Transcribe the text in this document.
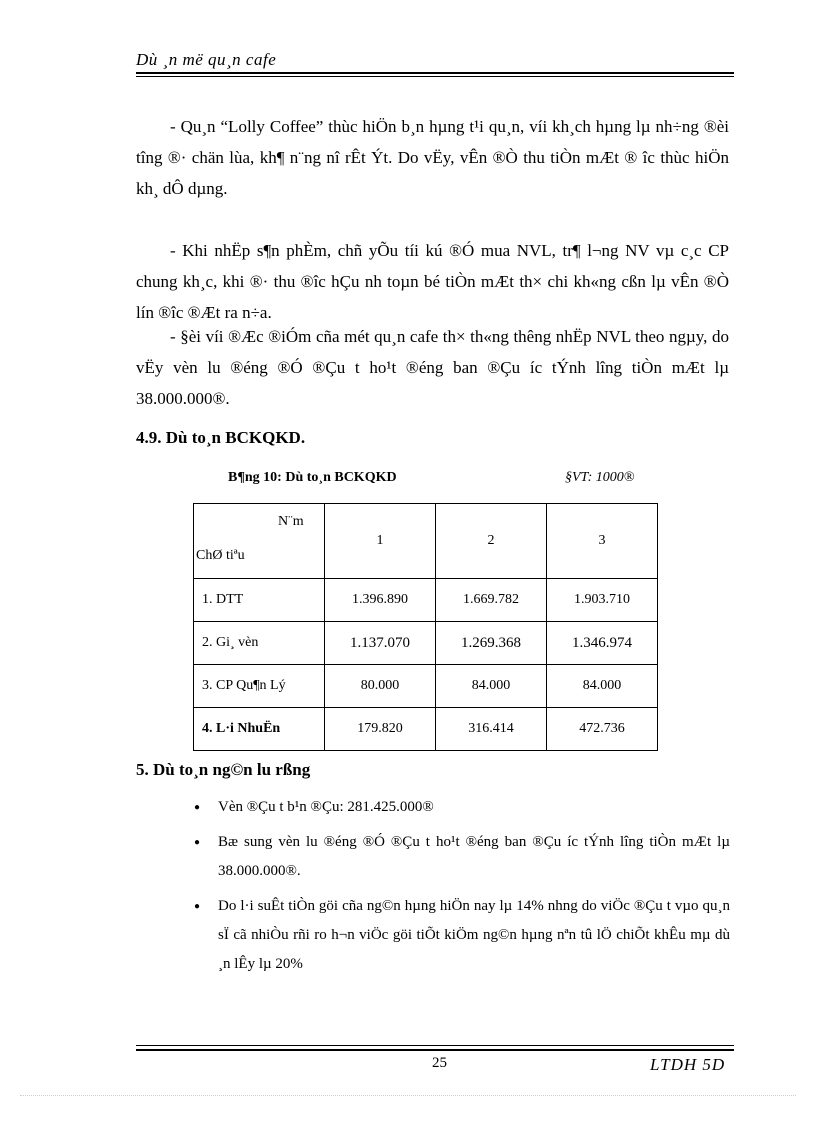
Dù ¸n më qu¸n cafe

- Qu¸n “Lolly Coffee” thùc hiÖn b¸n hµng t¹i qu¸n, víi kh¸ch hµng lµ nh÷ng ®èi tîng ®· chän lùa, kh¶ n¨ng nî rÊt Ýt. Do vËy, vÊn ®Ò thu tiÒn mÆt ® îc thùc hiÖn kh¸ dÔ dµng.

- Khi nhËp s¶n phÈm, chñ yÕu tíi kú ®Ó mua NVL, tr¶ l¬ng NV vµ c¸c CP chung kh¸c, khi ®· thu ®îc hÇu nh toµn bé tiÒn mÆt th× chi kh«ng cßn lµ vÊn ®Ò lín ®îc ®Æt ra n÷a.

- §èi víi ®Æc ®iÓm cña mét qu¸n cafe th× th«ng thêng nhËp NVL theo ngµy, do vËy vèn lu ®éng ®Ó ®Çu t ho¹t ®éng ban ®Çu íc tÝnh lîng tiÒn mÆt lµ 38.000.000®.

4.9. Dù to¸n BCKQKD.
B¶ng 10: Dù to¸n BCKQKD	§VT: 1000®
N¨m
ChØ tiªu	1	2	3
1. DTT	1.396.890	1.669.782	1.903.710
2. Gi¸ vèn	1.137.070	1.269.368	1.346.974
3. CP Qu¶n Lý	80.000	84.000	84.000
4. L·i NhuËn	179.820	316.414	472.736
5. Dù to¸n ng©n lu rßng
● Vèn ®Çu t b¹n ®Çu: 281.425.000®
● Bæ sung vèn lu ®éng ®Ó ®Çu t ho¹t ®éng ban ®Çu íc tÝnh lîng tiÒn mÆt lµ 38.000.000®.
● Do l·i suÊt tiÒn göi cña ng©n hµng hiÖn nay lµ 14% nhng do viÖc ®Çu t vµo qu¸n sÏ cã nhiÒu rñi ro h¬n viÖc göi tiÕt kiÖm ng©n hµng nªn tû lÖ chiÕt khÊu mµ dù ¸n lÊy lµ 20%
25	LTDH 5D
